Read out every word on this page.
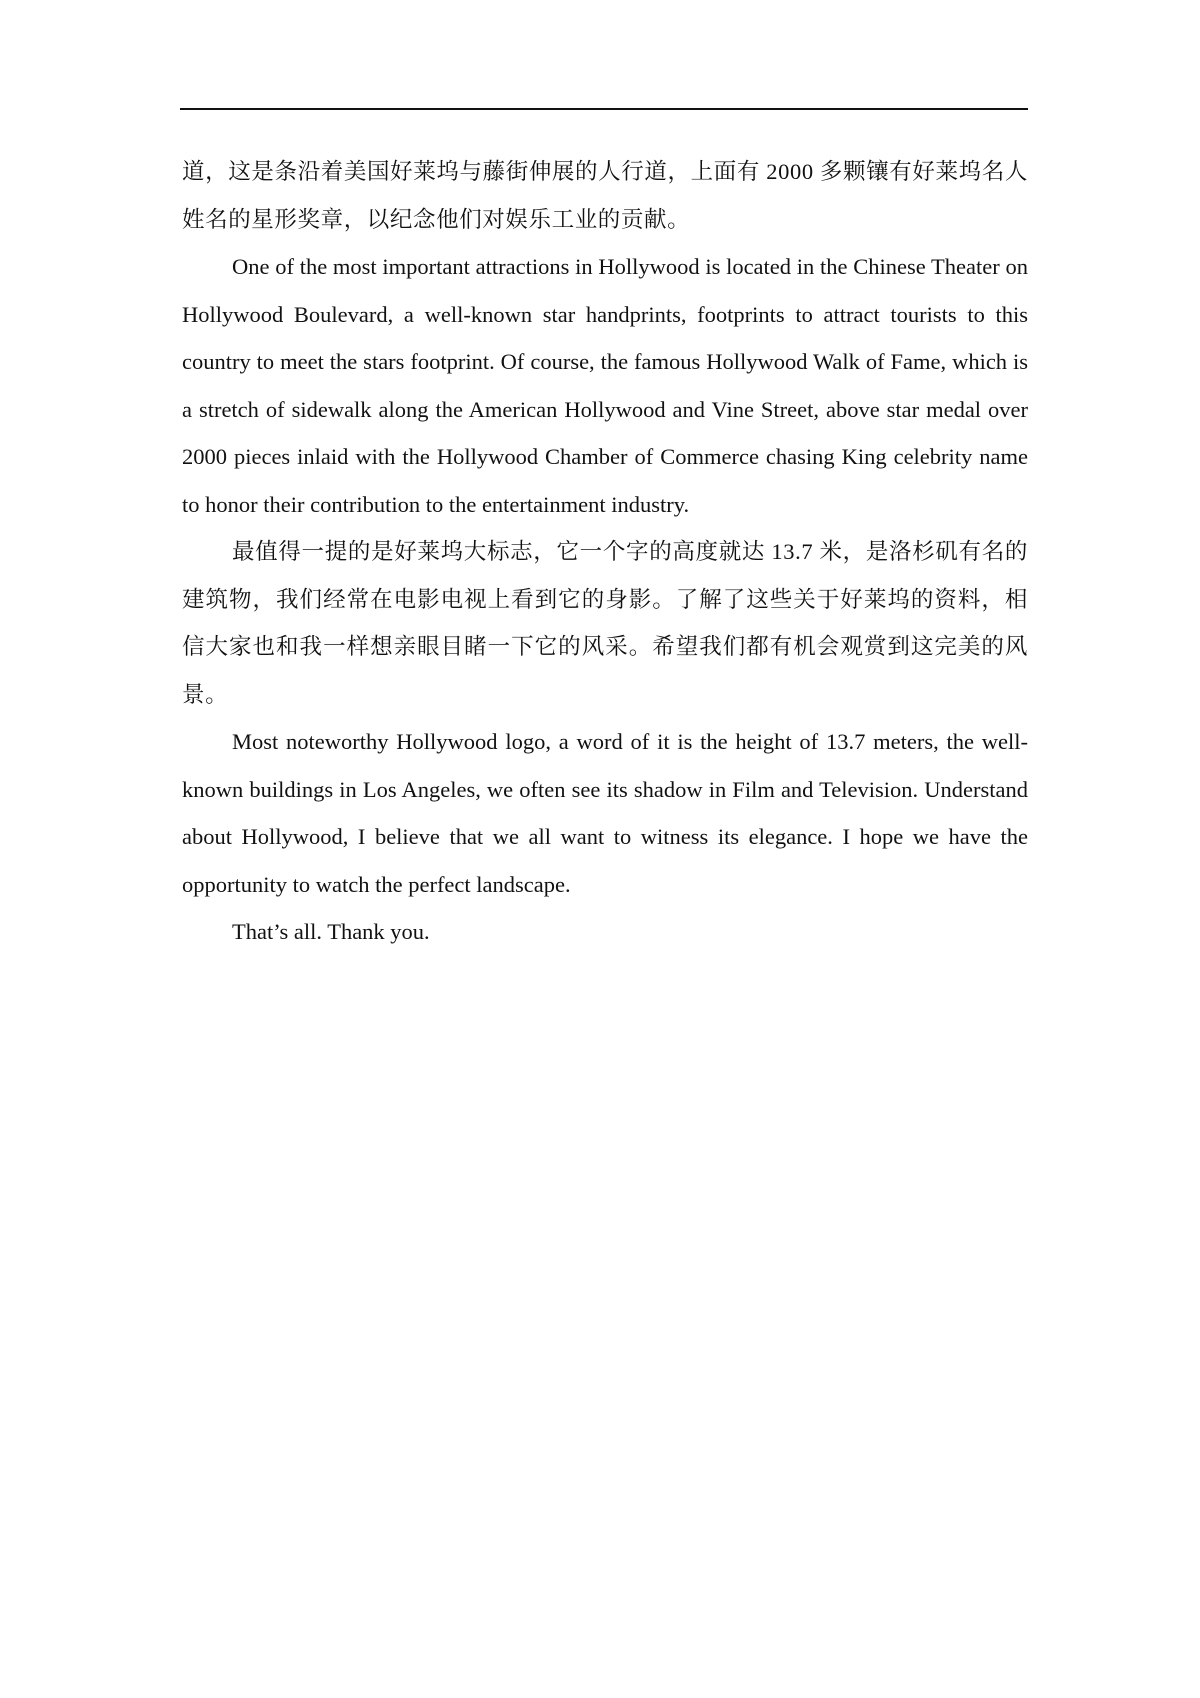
道，这是条沿着美国好莱坞与藤街伸展的人行道，上面有 2000 多颗镶有好莱坞名人姓名的星形奖章，以纪念他们对娱乐工业的贡献。

One of the most important attractions in Hollywood is located in the Chinese Theater on Hollywood Boulevard, a well-known star handprints, footprints to attract tourists to this country to meet the stars footprint. Of course, the famous Hollywood Walk of Fame, which is a stretch of sidewalk along the American Hollywood and Vine Street, above star medal over 2000 pieces inlaid with the Hollywood Chamber of Commerce chasing King celebrity name to honor their contribution to the entertainment industry.

最值得一提的是好莱坞大标志，它一个字的高度就达 13.7 米，是洛杉矶有名的建筑物，我们经常在电影电视上看到它的身影。了解了这些关于好莱坞的资料，相信大家也和我一样想亲眼目睹一下它的风采。希望我们都有机会观赏到这完美的风景。

Most noteworthy Hollywood logo, a word of it is the height of 13.7 meters, the well-known buildings in Los Angeles, we often see its shadow in Film and Television. Understand about Hollywood, I believe that we all want to witness its elegance. I hope we have the opportunity to watch the perfect landscape.

That’s all. Thank you.
